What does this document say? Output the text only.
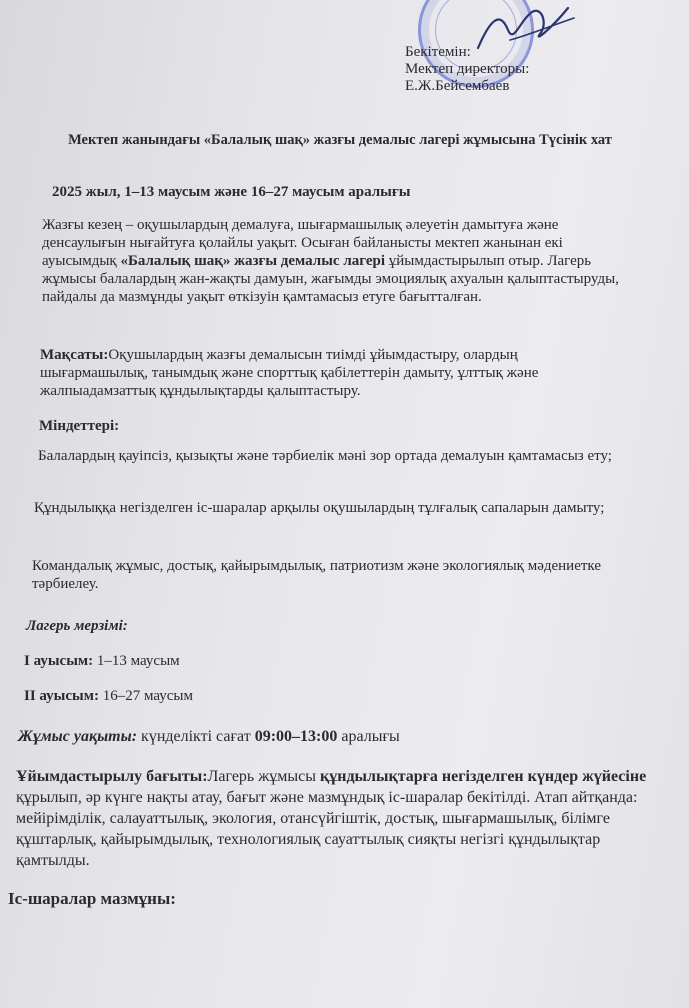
Бекітемін:
Мектеп директоры:
Е.Ж.Бейсембаев
Мектеп жанындағы «Балалық шақ» жазғы демалыс лагері жұмысына Түсінік хат
2025 жыл, 1–13 маусым және 16–27 маусым аралығы
Жазғы кезең – оқушылардың демалуға, шығармашылық әлеуетін дамытуға және денсаулығын нығайтуға қолайлы уақыт. Осыған байланысты мектеп жанынан екі ауысымдық «Балалық шақ» жазғы демалыс лагері ұйымдастырылып отыр. Лагерь жұмысы балалардың жан-жақты дамуын, жағымды эмоциялық ахуалын қалыптастыруды, пайдалы да мазмұнды уақыт өткізуін қамтамасыз етуге бағытталған.
Мақсаты:Оқушылардың жазғы демалысын тиімді ұйымдастыру, олардың шығармашылық, танымдық және спорттық қабілеттерін дамыту, ұлттық және жалпыадамзаттық құндылықтарды қалыптастыру.
Міндеттері:
Балалардың қауіпсіз, қызықты және тәрбиелік мәні зор ортада демалуын қамтамасыз ету;
Құндылыққа негізделген іс-шаралар арқылы оқушылардың тұлғалық сапаларын дамыту;
Командалық жұмыс, достық, қайырымдылық, патриотизм және экологиялық мәдениетке тәрбиелеу.
Лагерь мерзімі:
I ауысым: 1–13 маусым
II ауысым: 16–27 маусым
Жұмыс уақыты: күнделікті сағат 09:00–13:00 аралығы
Ұйымдастырылу бағыты:Лагерь жұмысы құндылықтарға негізделген күндер жүйесіне құрылып, әр күнге нақты атау, бағыт және мазмұндық іс-шаралар бекітілді. Атап айтқанда: мейірімділік, салауаттылық, экология, отансүйгіштік, достық, шығармашылық, білімге құштарлық, қайырымдылық, технологиялық сауаттылық сияқты негізгі құндылықтар қамтылды.
Іс-шаралар мазмұны:
